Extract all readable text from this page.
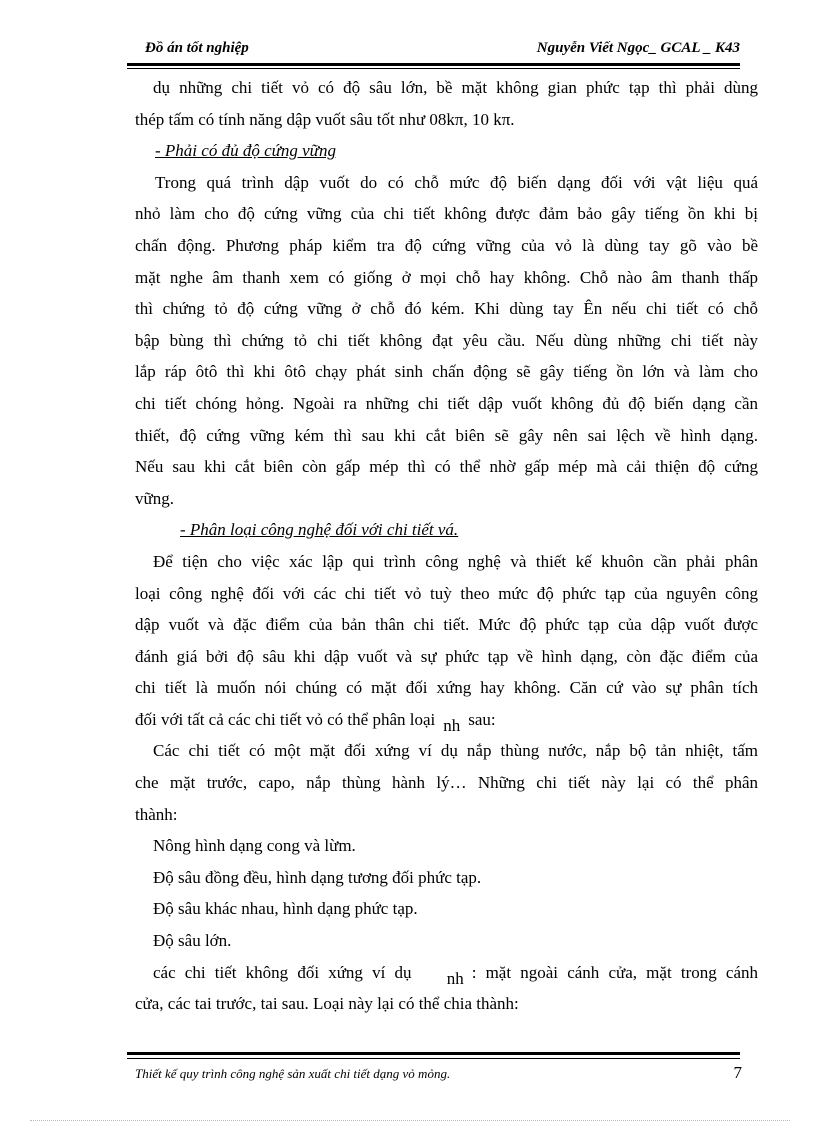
Đồ án tốt nghiệp	Nguyễn Viết Ngọc_ GCAL _ K43

dụ những chi tiết vỏ có độ sâu lớn, bề mặt không gian phức tạp thì phải dùng

thép tấm có tính năng dập vuốt sâu tốt như 08kπ, 10 kπ.

- Phải có đủ độ cứng vững

Trong quá trình dập vuốt do có chỗ mức độ biến dạng đối với vật liệu quá

nhỏ làm cho độ cứng vững của chi tiết không được đảm bảo gây tiếng ồn khi bị

chấn động. Phương pháp kiểm tra độ cứng vững của vỏ là dùng tay gõ vào bề

mặt nghe âm thanh xem có giống ở mọi chỗ hay không. Chỗ nào âm thanh thấp

thì chứng tỏ độ cứng vững ở chỗ đó kém. Khi dùng tay Ên nếu chi tiết có chỗ

bập bùng thì chứng tỏ chi tiết không đạt yêu cầu. Nếu dùng những chi tiết này

lắp ráp ôtô thì khi ôtô chạy phát sinh chấn động sẽ gây tiếng ồn lớn và làm cho

chi tiết chóng hỏng. Ngoài ra những chi tiết dập vuốt không đủ độ biến dạng cần

thiết, độ cứng vững kém thì sau khi cắt biên sẽ gây nên sai lệch về hình dạng.

Nếu sau khi cắt biên còn gấp mép thì có thể nhờ gấp mép mà cải thiện độ cứng

vững.

- Phân loại công nghệ đối với chi tiết vá.

Để tiện cho việc xác lập qui trình công nghệ và thiết kế khuôn cần phải phân

loại công nghệ đối với các chi tiết vỏ tuỳ theo mức độ phức tạp của nguyên công

dập vuốt và đặc điểm của bản thân chi tiết. Mức độ phức tạp của dập vuốt được

đánh giá bởi độ sâu khi dập vuốt và sự phức tạp về hình dạng, còn đặc điểm của

chi tiết là muốn nói chúng có mặt đối xứng hay không. Căn cứ vào sự phân tích

đối với tất cả các chi tiết vỏ có thể phân loại nh sau:

Các chi tiết có một mặt đối xứng ví dụ nắp thùng nước, nắp bộ tản nhiệt, tấm

che mặt trước, capo, nắp thùng hành lý… Những chi tiết này lại có thể phân

thành:

Nông hình dạng cong và lừm.

Độ sâu đồng đều, hình dạng tương đối phức tạp.

Độ sâu khác nhau, hình dạng phức tạp.

Độ sâu lớn.

các chi tiết không đối xứng ví dụ nh : mặt ngoài cánh cửa, mặt trong cánh

cửa, các tai trước, tai sau. Loại này lại có thể chia thành:

Thiết kế quy trình công nghệ sản xuất chi tiết dạng vỏ mỏng.	7
